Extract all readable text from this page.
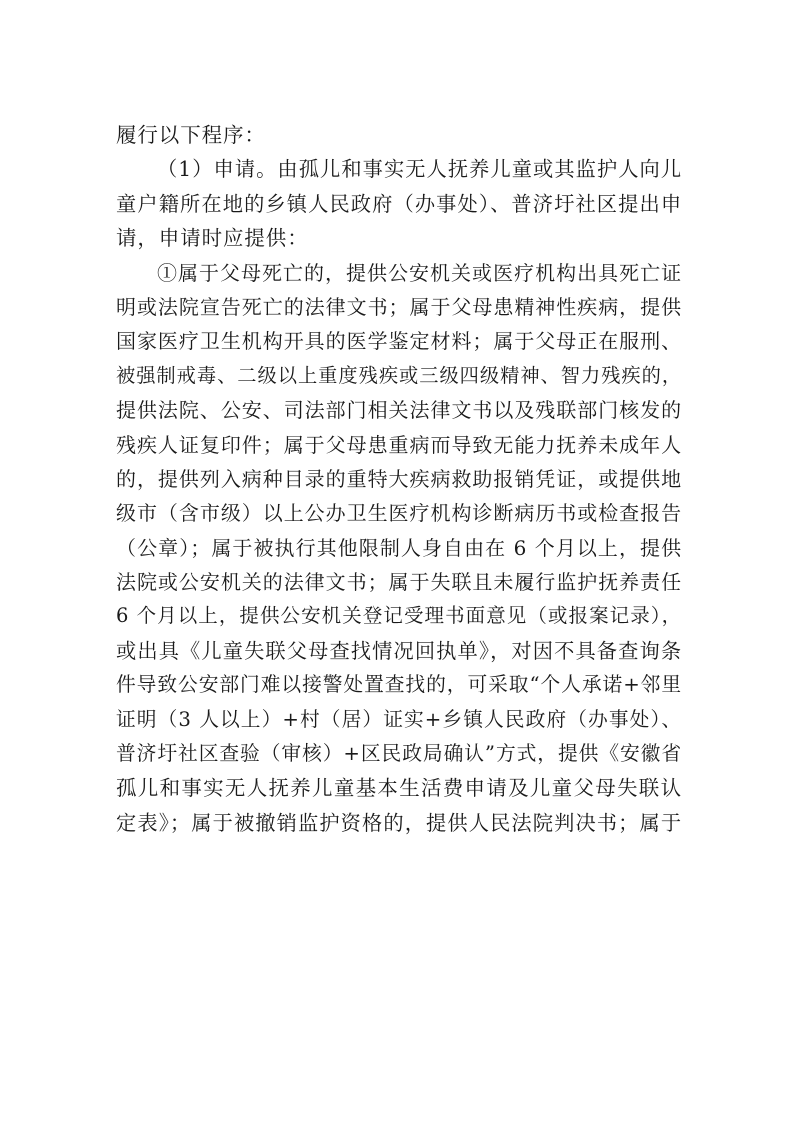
履行以下程序：
（1）申请。由孤儿和事实无人抚养儿童或其监护人向儿
童户籍所在地的乡镇人民政府（办事处）、普济圩社区提出申
请，申请时应提供：
①属于父母死亡的，提供公安机关或医疗机构出具死亡证
明或法院宣告死亡的法律文书；属于父母患精神性疾病，提供
国家医疗卫生机构开具的医学鉴定材料；属于父母正在服刑、
被强制戒毒、二级以上重度残疾或三级四级精神、智力残疾的，
提供法院、公安、司法部门相关法律文书以及残联部门核发的
残疾人证复印件；属于父母患重病而导致无能力抚养未成年人
的，提供列入病种目录的重特大疾病救助报销凭证，或提供地
级市（含市级）以上公办卫生医疗机构诊断病历书或检查报告
（公章）；属于被执行其他限制人身自由在 6 个月以上，提供
法院或公安机关的法律文书；属于失联且未履行监护抚养责任
6 个月以上，提供公安机关登记受理书面意见（或报案记录），
或出具《儿童失联父母查找情况回执单》，对因不具备查询条
件导致公安部门难以接警处置查找的，可采取“个人承诺+邻里
证明（3 人以上）+村（居）证实+乡镇人民政府（办事处）、
普济圩社区查验（审核）+区民政局确认”方式，提供《安徽省
孤儿和事实无人抚养儿童基本生活费申请及儿童父母失联认
定表》；属于被撤销监护资格的，提供人民法院判决书；属于
